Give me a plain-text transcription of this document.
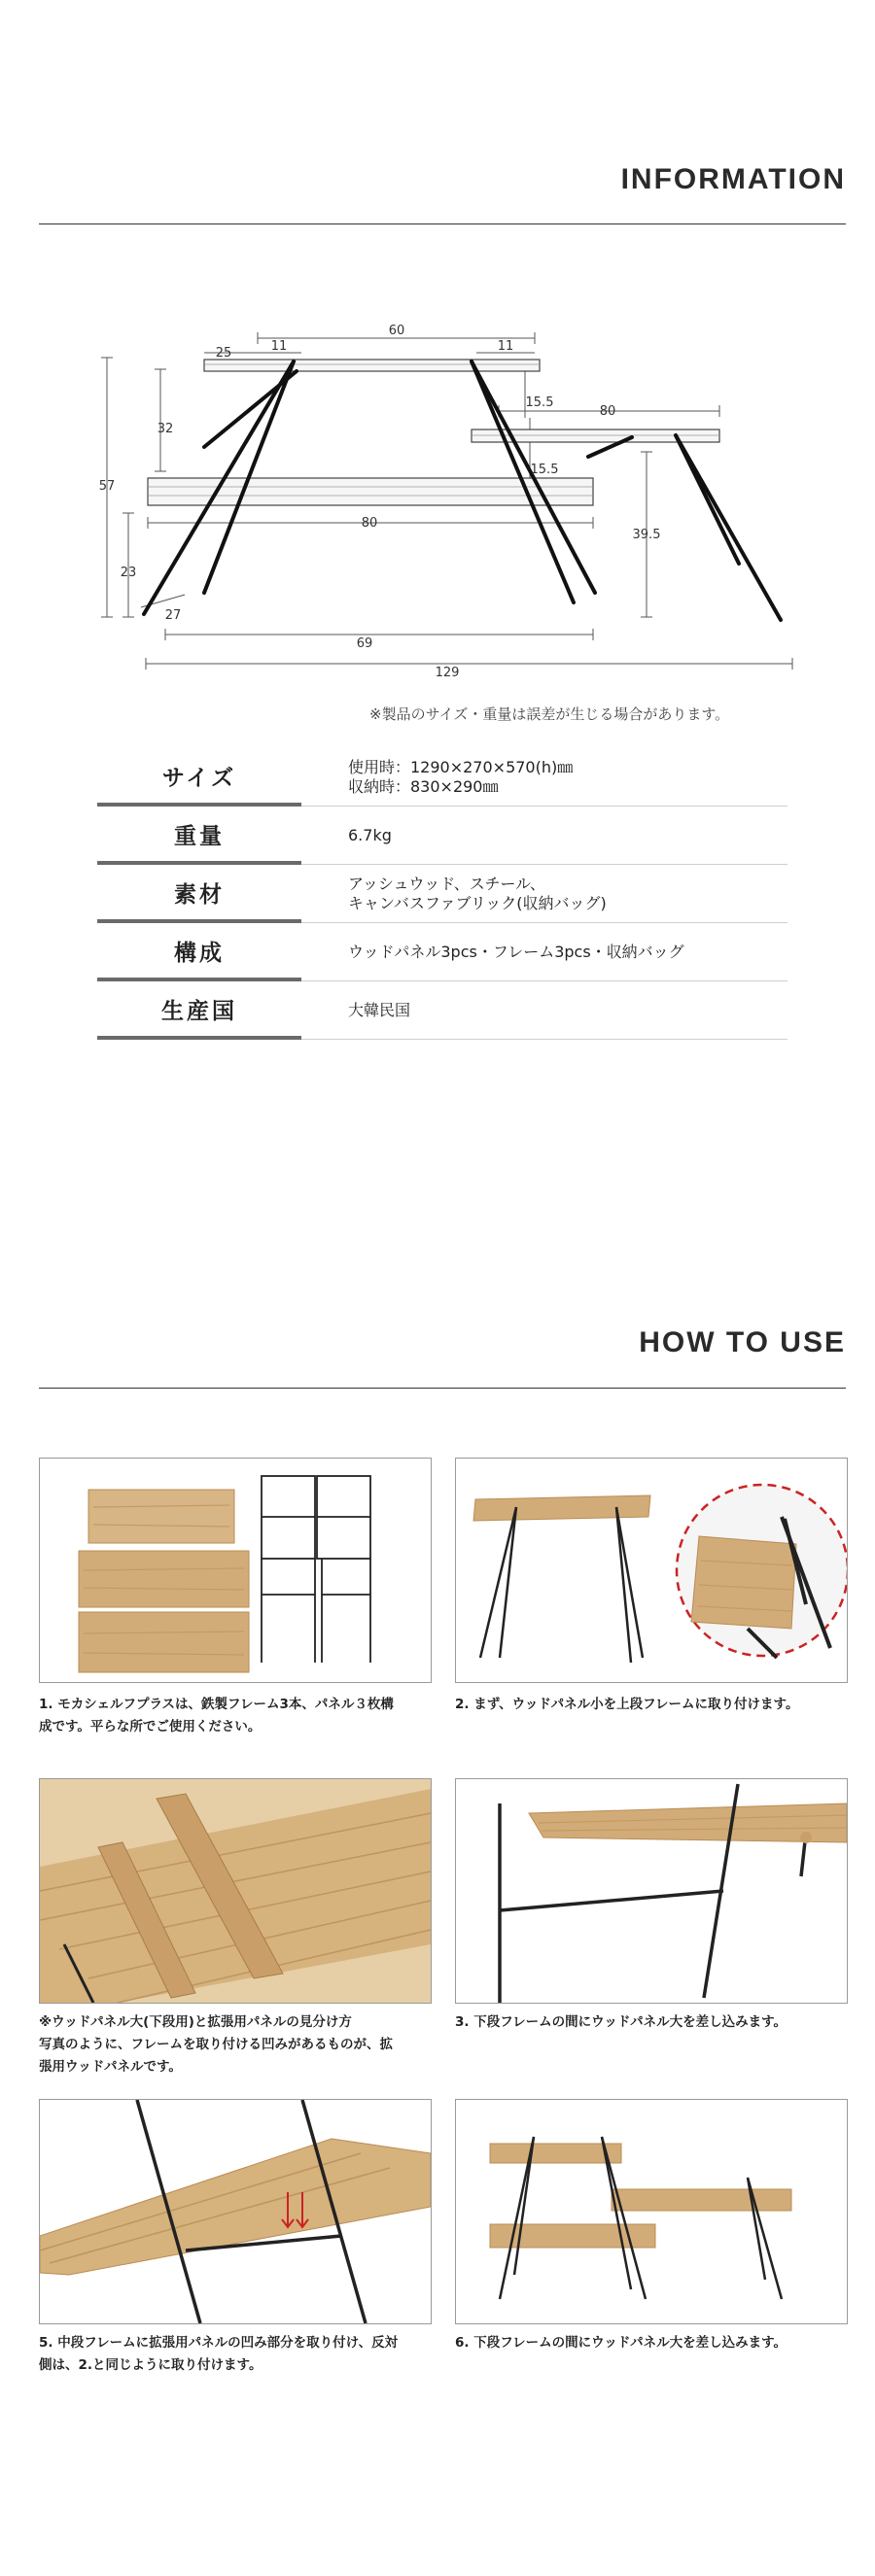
INFORMATION
60
25	11	11
32
57
23
27
15.5
15.5
80
80
39.5
69
129
※製品のサイズ・重量は誤差が生じる場合があります。
サイズ	使用時：1290×270×570(h)㎜
収納時：830×290㎜
重量	6.7kg
素材	アッシュウッド、スチール、
キャンバスファブリック(収納バッグ)
構成	ウッドパネル3pcs・フレーム3pcs・収納バッグ
生産国	大韓民国
HOW TO USE
1. モカシェルフプラスは、鉄製フレーム3本、パネル３枚構
成です。平らな所でご使用ください。
2. まず、ウッドパネル小を上段フレームに取り付けます。
※ウッドパネル大(下段用)と拡張用パネルの見分け方
写真のように、フレームを取り付ける凹みがあるものが、拡
張用ウッドパネルです。
3. 下段フレームの間にウッドパネル大を差し込みます。
5. 中段フレームに拡張用パネルの凹み部分を取り付け、反対
側は、2.と同じように取り付けます。
6. 下段フレームの間にウッドパネル大を差し込みます。
